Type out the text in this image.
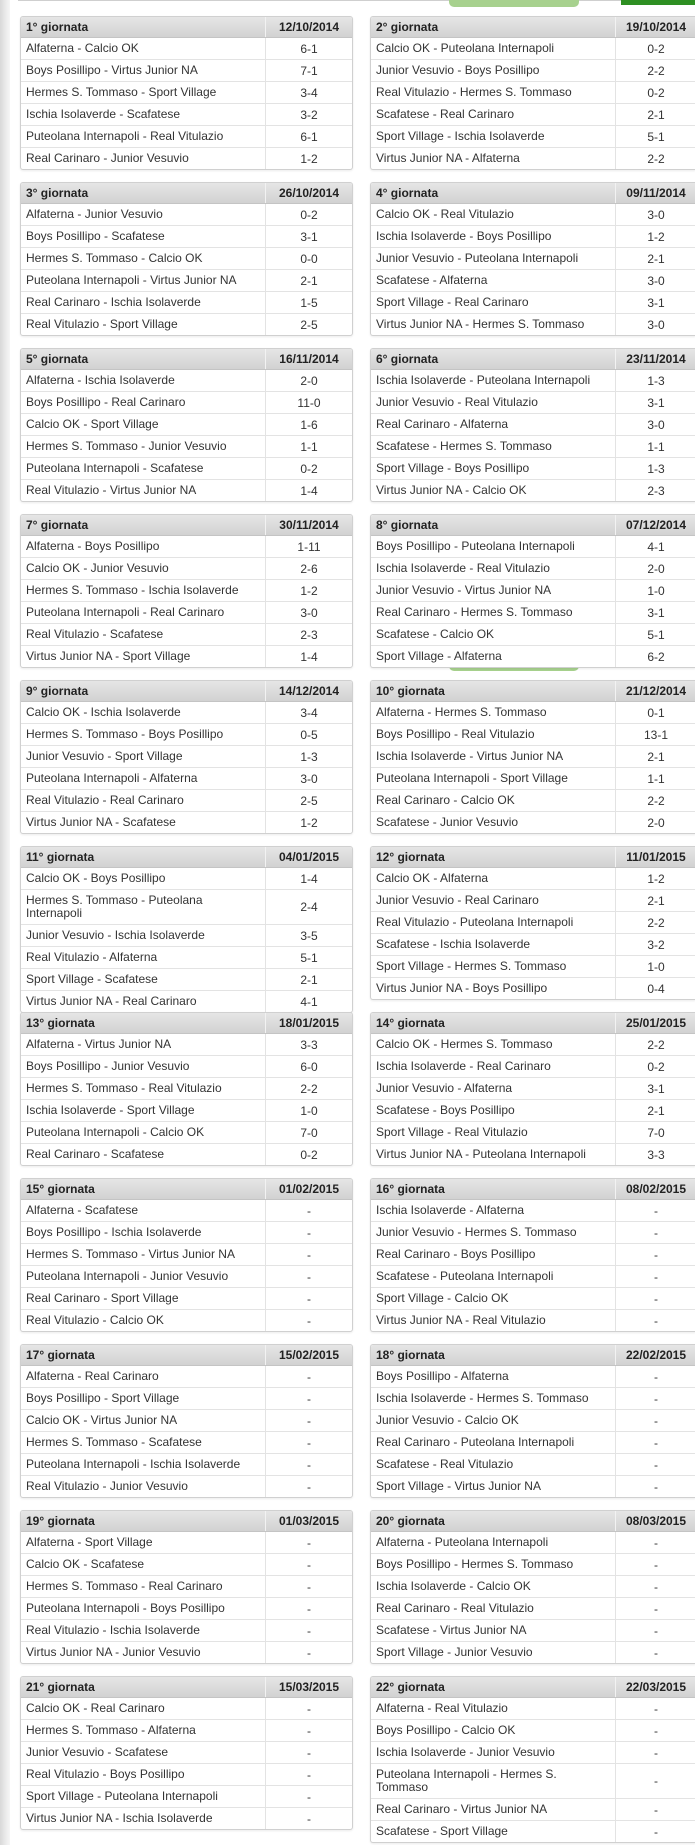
1° giornata	12/10/2014
Alfaterna - Calcio OK	6-1
Boys Posillipo - Virtus Junior NA	7-1
Hermes S. Tommaso - Sport Village	3-4
Ischia Isolaverde - Scafatese	3-2
Puteolana Internapoli - Real Vitulazio	6-1
Real Carinaro - Junior Vesuvio	1-2
2° giornata	19/10/2014
Calcio OK - Puteolana Internapoli	0-2
Junior Vesuvio - Boys Posillipo	2-2
Real Vitulazio - Hermes S. Tommaso	0-2
Scafatese - Real Carinaro	2-1
Sport Village - Ischia Isolaverde	5-1
Virtus Junior NA - Alfaterna	2-2
3° giornata	26/10/2014
Alfaterna - Junior Vesuvio	0-2
Boys Posillipo - Scafatese	3-1
Hermes S. Tommaso - Calcio OK	0-0
Puteolana Internapoli - Virtus Junior NA	2-1
Real Carinaro - Ischia Isolaverde	1-5
Real Vitulazio - Sport Village	2-5
4° giornata	09/11/2014
Calcio OK - Real Vitulazio	3-0
Ischia Isolaverde - Boys Posillipo	1-2
Junior Vesuvio - Puteolana Internapoli	2-1
Scafatese - Alfaterna	3-0
Sport Village - Real Carinaro	3-1
Virtus Junior NA - Hermes S. Tommaso	3-0
5° giornata	16/11/2014
Alfaterna - Ischia Isolaverde	2-0
Boys Posillipo - Real Carinaro	11-0
Calcio OK - Sport Village	1-6
Hermes S. Tommaso - Junior Vesuvio	1-1
Puteolana Internapoli - Scafatese	0-2
Real Vitulazio - Virtus Junior NA	1-4
6° giornata	23/11/2014
Ischia Isolaverde - Puteolana Internapoli	1-3
Junior Vesuvio - Real Vitulazio	3-1
Real Carinaro - Alfaterna	3-0
Scafatese - Hermes S. Tommaso	1-1
Sport Village - Boys Posillipo	1-3
Virtus Junior NA - Calcio OK	2-3
7° giornata	30/11/2014
Alfaterna - Boys Posillipo	1-11
Calcio OK - Junior Vesuvio	2-6
Hermes S. Tommaso - Ischia Isolaverde	1-2
Puteolana Internapoli - Real Carinaro	3-0
Real Vitulazio - Scafatese	2-3
Virtus Junior NA - Sport Village	1-4
8° giornata	07/12/2014
Boys Posillipo - Puteolana Internapoli	4-1
Ischia Isolaverde - Real Vitulazio	2-0
Junior Vesuvio - Virtus Junior NA	1-0
Real Carinaro - Hermes S. Tommaso	3-1
Scafatese - Calcio OK	5-1
Sport Village - Alfaterna	6-2
9° giornata	14/12/2014
Calcio OK - Ischia Isolaverde	3-4
Hermes S. Tommaso - Boys Posillipo	0-5
Junior Vesuvio - Sport Village	1-3
Puteolana Internapoli - Alfaterna	3-0
Real Vitulazio - Real Carinaro	2-5
Virtus Junior NA - Scafatese	1-2
10° giornata	21/12/2014
Alfaterna - Hermes S. Tommaso	0-1
Boys Posillipo - Real Vitulazio	13-1
Ischia Isolaverde - Virtus Junior NA	2-1
Puteolana Internapoli - Sport Village	1-1
Real Carinaro - Calcio OK	2-2
Scafatese - Junior Vesuvio	2-0
11° giornata	04/01/2015
Calcio OK - Boys Posillipo	1-4
Hermes S. Tommaso - Puteolana Internapoli	2-4
Junior Vesuvio - Ischia Isolaverde	3-5
Real Vitulazio - Alfaterna	5-1
Sport Village - Scafatese	2-1
Virtus Junior NA - Real Carinaro	4-1
12° giornata	11/01/2015
Calcio OK - Alfaterna	1-2
Junior Vesuvio - Real Carinaro	2-1
Real Vitulazio - Puteolana Internapoli	2-2
Scafatese - Ischia Isolaverde	3-2
Sport Village - Hermes S. Tommaso	1-0
Virtus Junior NA - Boys Posillipo	0-4
13° giornata	18/01/2015
Alfaterna - Virtus Junior NA	3-3
Boys Posillipo - Junior Vesuvio	6-0
Hermes S. Tommaso - Real Vitulazio	2-2
Ischia Isolaverde - Sport Village	1-0
Puteolana Internapoli - Calcio OK	7-0
Real Carinaro - Scafatese	0-2
14° giornata	25/01/2015
Calcio OK - Hermes S. Tommaso	2-2
Ischia Isolaverde - Real Carinaro	0-2
Junior Vesuvio - Alfaterna	3-1
Scafatese - Boys Posillipo	2-1
Sport Village - Real Vitulazio	7-0
Virtus Junior NA - Puteolana Internapoli	3-3
15° giornata	01/02/2015
Alfaterna - Scafatese	-
Boys Posillipo - Ischia Isolaverde	-
Hermes S. Tommaso - Virtus Junior NA	-
Puteolana Internapoli - Junior Vesuvio	-
Real Carinaro - Sport Village	-
Real Vitulazio - Calcio OK	-
16° giornata	08/02/2015
Ischia Isolaverde - Alfaterna	-
Junior Vesuvio - Hermes S. Tommaso	-
Real Carinaro - Boys Posillipo	-
Scafatese - Puteolana Internapoli	-
Sport Village - Calcio OK	-
Virtus Junior NA - Real Vitulazio	-
17° giornata	15/02/2015
Alfaterna - Real Carinaro	-
Boys Posillipo - Sport Village	-
Calcio OK - Virtus Junior NA	-
Hermes S. Tommaso - Scafatese	-
Puteolana Internapoli - Ischia Isolaverde	-
Real Vitulazio - Junior Vesuvio	-
18° giornata	22/02/2015
Boys Posillipo - Alfaterna	-
Ischia Isolaverde - Hermes S. Tommaso	-
Junior Vesuvio - Calcio OK	-
Real Carinaro - Puteolana Internapoli	-
Scafatese - Real Vitulazio	-
Sport Village - Virtus Junior NA	-
19° giornata	01/03/2015
Alfaterna - Sport Village	-
Calcio OK - Scafatese	-
Hermes S. Tommaso - Real Carinaro	-
Puteolana Internapoli - Boys Posillipo	-
Real Vitulazio - Ischia Isolaverde	-
Virtus Junior NA - Junior Vesuvio	-
20° giornata	08/03/2015
Alfaterna - Puteolana Internapoli	-
Boys Posillipo - Hermes S. Tommaso	-
Ischia Isolaverde - Calcio OK	-
Real Carinaro - Real Vitulazio	-
Scafatese - Virtus Junior NA	-
Sport Village - Junior Vesuvio	-
21° giornata	15/03/2015
Calcio OK - Real Carinaro	-
Hermes S. Tommaso - Alfaterna	-
Junior Vesuvio - Scafatese	-
Real Vitulazio - Boys Posillipo	-
Sport Village - Puteolana Internapoli	-
Virtus Junior NA - Ischia Isolaverde	-
22° giornata	22/03/2015
Alfaterna - Real Vitulazio	-
Boys Posillipo - Calcio OK	-
Ischia Isolaverde - Junior Vesuvio	-
Puteolana Internapoli - Hermes S. Tommaso	-
Real Carinaro - Virtus Junior NA	-
Scafatese - Sport Village	-
